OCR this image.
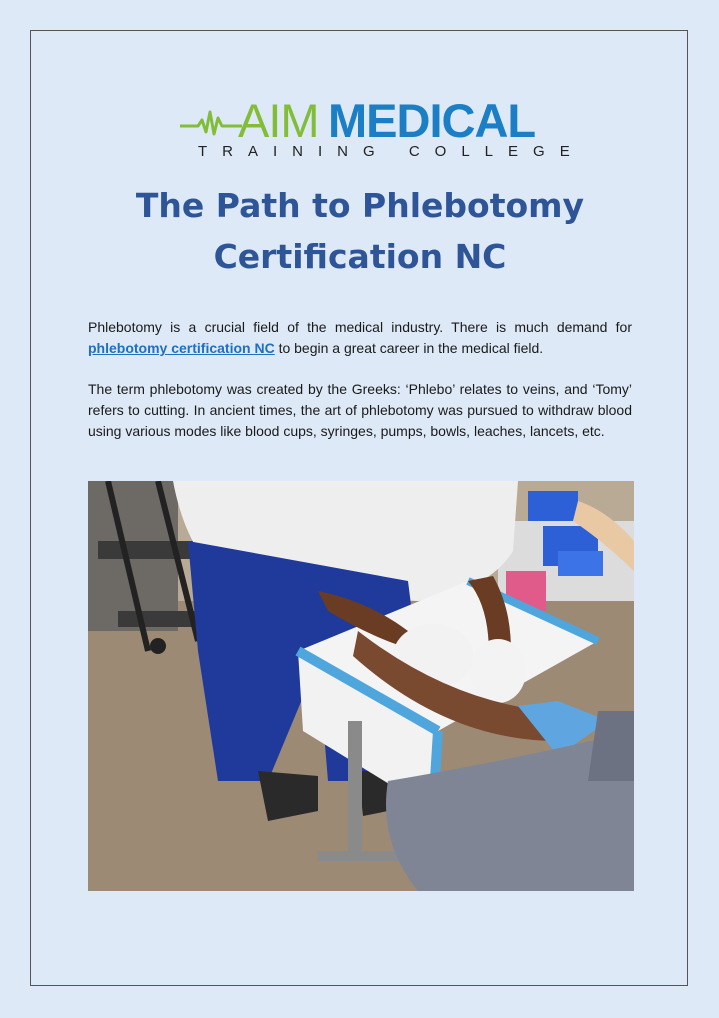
AIM MEDICAL
TRAINING COLLEGE
The Path to Phlebotomy
Certification NC

Phlebotomy is a crucial field of the medical industry. There is much demand for phlebotomy certification NC to begin a great career in the medical field.

The term phlebotomy was created by the Greeks: ‘Phlebo’ relates to veins, and ‘Tomy’ refers to cutting. In ancient times, the art of phlebotomy was pursued to withdraw blood using various modes like blood cups, syringes, pumps, bowls, leaches, lancets, etc.
